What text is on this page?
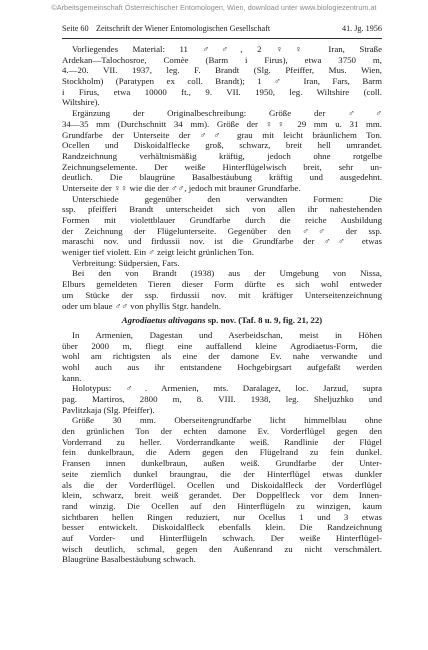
©Arbeitsgemeinschaft Österreichischer Entomologen, Wien, download unter www.biologiezentrum.at
Seite 60 Zeitschrift der Wiener Entomologischen Gesellschaft	41. Jg. 1956
Vorliegendes Material: 11 ♂♂, 2 ♀♀ Iran, Straße
Ardekan—Talochosroe, Comèe (Barm i Firus), etwa 3750 m,
4.—20. VII. 1937, leg. F. Brandt (Slg. Pfeiffer, Mus. Wien,
Stockholm) (Paratypen ex coll. Brandt); 1 ♂ Iran, Fars, Barm
i Firus, etwa 10000 ft., 9. VII. 1950, leg. Wiltshire (coll.
Wiltshire).
Ergänzung der Originalbeschreibung: Größe der ♂♂
34—35 mm (Durchschnitt 34 mm). Größe der ♀♀ 29 mm u. 31 mm.
Grundfarbe der Unterseite der ♂♂ grau mit leicht bräunlichem Ton.
Ocellen und Diskoidalflecke groß, schwarz, breit hell umrandet.
Randzeichnung verhältnismäßig kräftig, jedoch ohne rotgelbe
Zeichnungselemente. Der weiße Hinterflügelwisch breit, sehr un-
deutlich. Die blaugrüne Basalbestäubung kräftig und ausgedehnt.
Unterseite der ♀♀ wie die der ♂♂, jedoch mit brauner Grundfarbe.
Unterschiede gegenüber den verwandten Formen: Die
ssp. pfeifferi Brandt unterscheidet sich von allen ihr nahestehenden
Formen mit violettblauer Grundfarbe durch die reiche Ausbildung
der Zeichnung der Flügelunterseite. Gegenüber den ♂♂ der ssp.
maraschi nov. und firdussii nov. ist die Grundfarbe der ♂♂ etwas
weniger tief violett. Ein ♂ zeigt leicht grünlichen Ton.
Verbreitung: Südpersien, Fars.
Bei den von Brandt (1938) aus der Umgebung von Nissa,
Elburs gemeldeten Tieren dieser Form dürfte es sich wohl entweder
um Stücke der ssp. firdussii nov. mit kräftiger Unterseitenzeichnung
oder um blaue ♂♂ von phyllis Stgr. handeln.
Agrodiaetus altivagans sp. nov. (Taf. 8 u. 9, fig. 21, 22)
In Armenien, Dagestan und Aserbeidschan, meist in Höhen
über 2000 m, fliegt eine auffallend kleine Agrodiaetus-Form, die
wohl am richtigsten als eine der damone Ev. nahe verwandte und
wohl auch aus ihr entstandene Hochgebirgsart aufgefaßt werden
kann.
Holotypus: ♂. Armenien, mts. Daralagez, loc. Jarzud, supra
pag. Martiros, 2800 m, 8. VIII. 1938, leg. Sheljuzhko und
Pavlitzkaja (Slg. Pfeiffer).
Größe 30 mm. Oberseitengrundfarbe licht himmelblau ohne
den grünlichen Ton der echten damone Ev. Vorderflügel gegen den
Vorderrand zu heller. Vorderrandkante weiß. Randlinie der Flügel
fein dunkelbraun, die Adern gegen den Flügelrand zu fein dunkel.
Fransen innen dunkelbraun, außen weiß. Grundfarbe der Unter-
seite ziemlich dunkel braungrau, die der Hinterflügel etwas dunkler
als die der Vorderflügel. Ocellen und Diskoidalfleck der Vorderflügel
klein, schwarz, breit weiß gerandet. Der Doppelfleck vor dem Innen-
rand winzig. Die Ocellen auf den Hinterflügeln zu winzigen, kaum
sichtbaren hellen Ringen reduziert, nur Ocellus 1 und 3 etwas
besser entwickelt. Diskoidalfleck ebenfalls klein. Die Randzeichnung
auf Vorder- und Hinterflügeln schwach. Der weiße Hinterflügel-
wisch deutlich, schmal, gegen den Außenrand zu nicht verschmälert.
Blaugrüne Basalbestäubung schwach.
